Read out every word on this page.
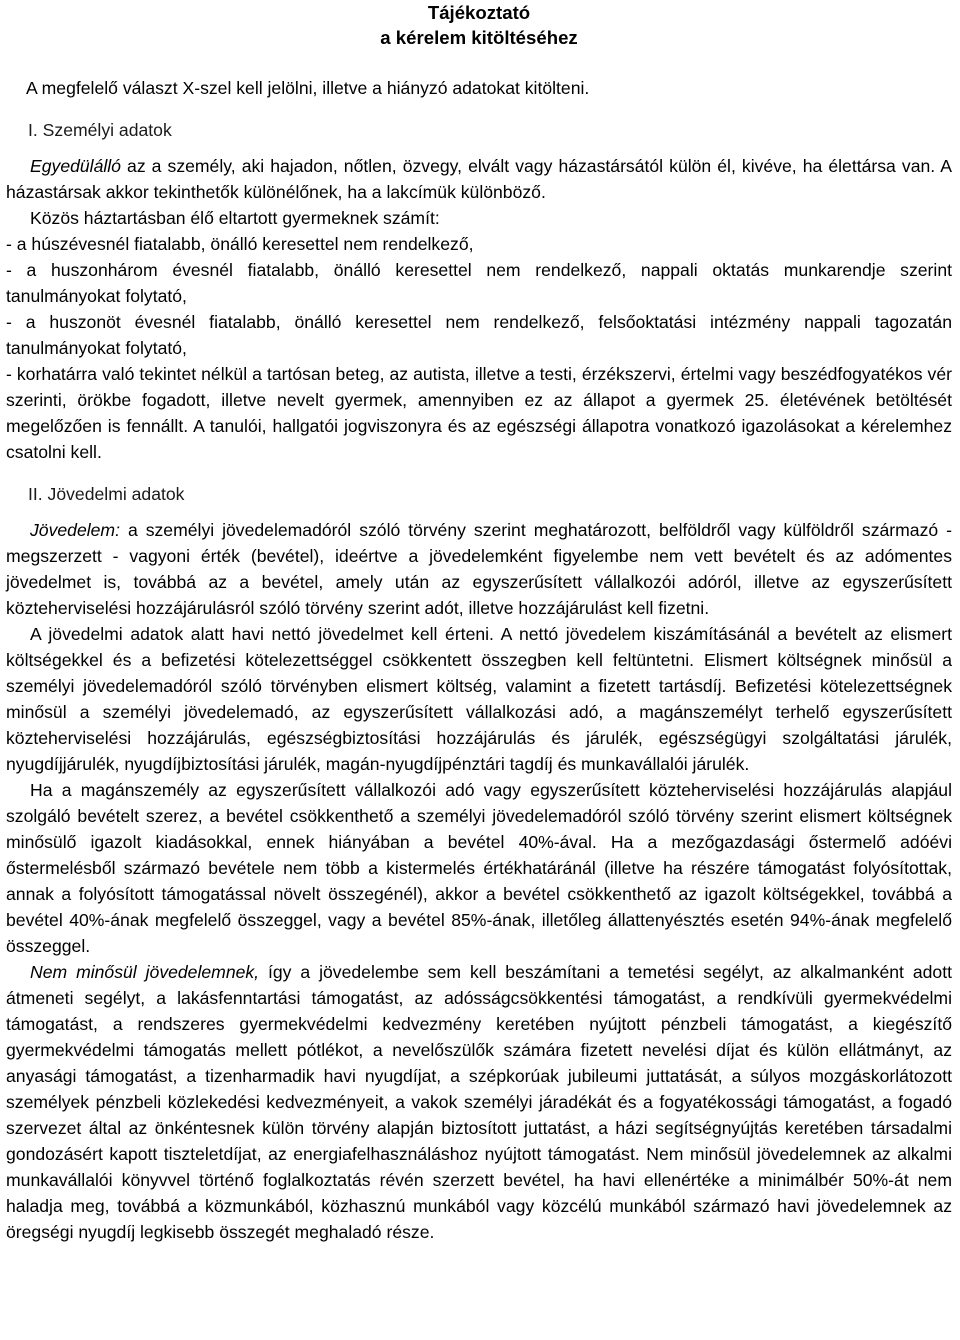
Tájékoztató
a kérelem kitöltéséhez

A megfelelő választ X-szel kell jelölni, illetve a hiányzó adatokat kitölteni.

I. Személyi adatok

Egyedülálló az a személy, aki hajadon, nőtlen, özvegy, elvált vagy házastársától külön él, kivéve, ha élettársa van. A házastársak akkor tekinthetők különélőnek, ha a lakcímük különböző.

Közös háztartásban élő eltartott gyermeknek számít:

- a húszévesnél fiatalabb, önálló keresettel nem rendelkező,

- a huszonhárom évesnél fiatalabb, önálló keresettel nem rendelkező, nappali oktatás munkarendje szerint tanulmányokat folytató,

- a huszonöt évesnél fiatalabb, önálló keresettel nem rendelkező, felsőoktatási intézmény nappali tagozatán tanulmányokat folytató,

- korhatárra való tekintet nélkül a tartósan beteg, az autista, illetve a testi, érzékszervi, értelmi vagy beszédfogyatékos vér szerinti, örökbe fogadott, illetve nevelt gyermek, amennyiben ez az állapot a gyermek 25. életévének betöltését megelőzően is fennállt. A tanulói, hallgatói jogviszonyra és az egészségi állapotra vonatkozó igazolásokat a kérelemhez csatolni kell.

II. Jövedelmi adatok

Jövedelem: a személyi jövedelemadóról szóló törvény szerint meghatározott, belföldről vagy külföldről származó - megszerzett - vagyoni érték (bevétel), ideértve a jövedelemként figyelembe nem vett bevételt és az adómentes jövedelmet is, továbbá az a bevétel, amely után az egyszerűsített vállalkozói adóról, illetve az egyszerűsített közteherviselési hozzájárulásról szóló törvény szerint adót, illetve hozzájárulást kell fizetni.

A jövedelmi adatok alatt havi nettó jövedelmet kell érteni. A nettó jövedelem kiszámításánál a bevételt az elismert költségekkel és a befizetési kötelezettséggel csökkentett összegben kell feltüntetni. Elismert költségnek minősül a személyi jövedelemadóról szóló törvényben elismert költség, valamint a fizetett tartásdíj. Befizetési kötelezettségnek minősül a személyi jövedelemadó, az egyszerűsített vállalkozási adó, a magánszemélyt terhelő egyszerűsített közteherviselési hozzájárulás, egészségbiztosítási hozzájárulás és járulék, egészségügyi szolgáltatási járulék, nyugdíjjárulék, nyugdíjbiztosítási járulék, magán-nyugdíjpénztári tagdíj és munkavállalói járulék.

Ha a magánszemély az egyszerűsített vállalkozói adó vagy egyszerűsített közteherviselési hozzájárulás alapjául szolgáló bevételt szerez, a bevétel csökkenthető a személyi jövedelemadóról szóló törvény szerint elismert költségnek minősülő igazolt kiadásokkal, ennek hiányában a bevétel 40%-ával. Ha a mezőgazdasági őstermelő adóévi őstermelésből származó bevétele nem több a kistermelés értékhatáránál (illetve ha részére támogatást folyósítottak, annak a folyósított támogatással növelt összegénél), akkor a bevétel csökkenthető az igazolt költségekkel, továbbá a bevétel 40%-ának megfelelő összeggel, vagy a bevétel 85%-ának, illetőleg állattenyésztés esetén 94%-ának megfelelő összeggel.

Nem minősül jövedelemnek, így a jövedelembe sem kell beszámítani a temetési segélyt, az alkalmanként adott átmeneti segélyt, a lakásfenntartási támogatást, az adósságcsökkentési támogatást, a rendkívüli gyermekvédelmi támogatást, a rendszeres gyermekvédelmi kedvezmény keretében nyújtott pénzbeli támogatást, a kiegészítő gyermekvédelmi támogatás mellett pótlékot, a nevelőszülők számára fizetett nevelési díjat és külön ellátmányt, az anyasági támogatást, a tizenharmadik havi nyugdíjat, a szépkorúak jubileumi juttatását, a súlyos mozgáskorlátozott személyek pénzbeli közlekedési kedvezményeit, a vakok személyi járadékát és a fogyatékossági támogatást, a fogadó szervezet által az önkéntesnek külön törvény alapján biztosított juttatást, a házi segítségnyújtás keretében társadalmi gondozásért kapott tiszteletdíjat, az energiafelhasználáshoz nyújtott támogatást. Nem minősül jövedelemnek az alkalmi munkavállalói könyvvel történő foglalkoztatás révén szerzett bevétel, ha havi ellenértéke a minimálbér 50%-át nem haladja meg, továbbá a közmunkából, közhasznú munkából vagy közcélú munkából származó havi jövedelemnek az öregségi nyugdíj legkisebb összegét meghaladó része.
